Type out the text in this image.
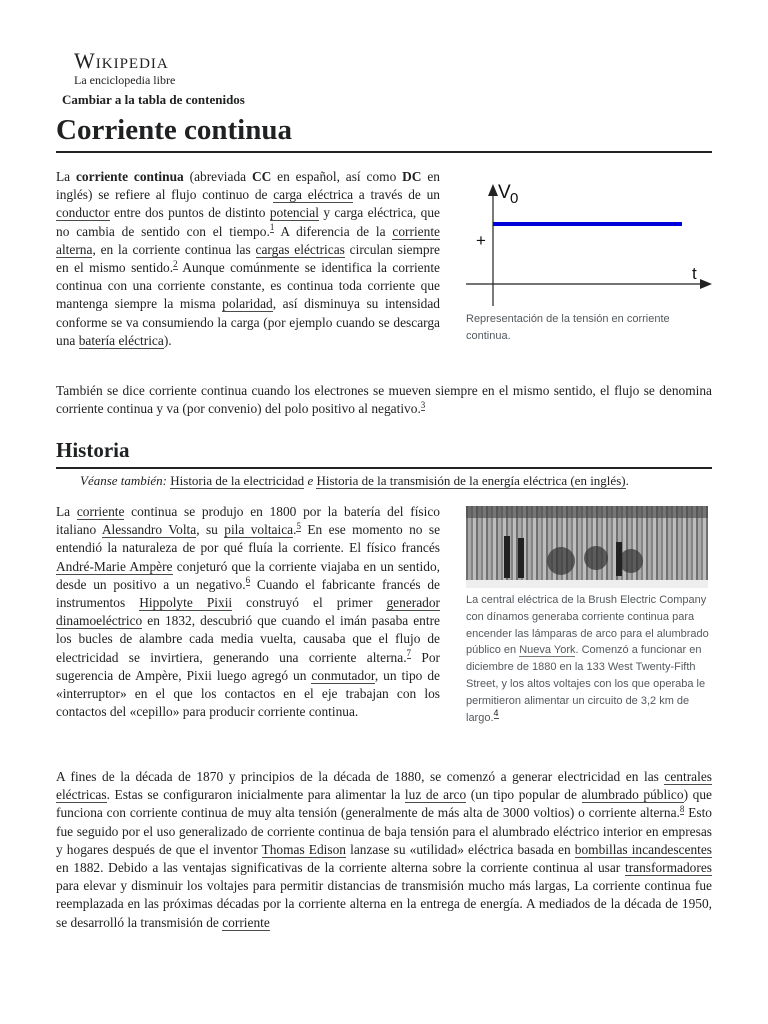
Wikipedia
La enciclopedia libre
Cambiar a la tabla de contenidos
Corriente continua

La corriente continua (abreviada CC en español, así como DC en inglés) se refiere al flujo continuo de carga eléctrica a través de un conductor entre dos puntos de distinto potencial y carga eléctrica, que no cambia de sentido con el tiempo.$^1$ A diferencia de la corriente alterna, en la corriente continua las cargas eléctricas circulan siempre en el mismo sentido.$^2$ Aunque comúnmente se identifica la corriente continua con una corriente constante, es continua toda corriente que mantenga siempre la misma polaridad, así disminuya su intensidad conforme se va consumiendo la carga (por ejemplo cuando se descarga una batería eléctrica).

V 0
+
t

Representación de la tensión en corriente continua.

También se dice corriente continua cuando los electrones se mueven siempre en el mismo sentido, el flujo se denomina corriente continua y va (por convenio) del polo positivo al negativo.$^3$

Historia
Véanse también: Historia de la electricidad e Historia de la transmisión de la energía eléctrica (en inglés).

La corriente continua se produjo en 1800 por la batería del físico italiano Alessandro Volta, su pila voltaica.$^5$ En ese momento no se entendió la naturaleza de por qué fluía la corriente. El físico francés André-Marie Ampère conjeturó que la corriente viajaba en un sentido, desde un positivo a un negativo.$^6$ Cuando el fabricante francés de instrumentos Hippolyte Pixii construyó el primer generador dinamoeléctrico en 1832, descubrió que cuando el imán pasaba entre los bucles de alambre cada media vuelta, causaba que el flujo de electricidad se invirtiera, generando una corriente alterna.$^7$ Por sugerencia de Ampère, Pixii luego agregó un conmutador, un tipo de «interruptor» en el que los contactos en el eje trabajan con los contactos del «cepillo» para producir corriente continua.

La central eléctrica de la Brush Electric Company con dínamos generaba corriente continua para encender las lámparas de arco para el alumbrado público en Nueva York. Comenzó a funcionar en diciembre de 1880 en la 133 West Twenty-Fifth Street, y los altos voltajes con los que operaba le permitieron alimentar un circuito de 3,2 km de largo.$^4$

A fines de la década de 1870 y principios de la década de 1880, se comenzó a generar electricidad en las centrales eléctricas. Estas se configuraron inicialmente para alimentar la luz de arco (un tipo popular de alumbrado público) que funciona con corriente continua de muy alta tensión (generalmente de más alta de 3000 voltios) o corriente alterna.$^8$ Esto fue seguido por el uso generalizado de corriente continua de baja tensión para el alumbrado eléctrico interior en empresas y hogares después de que el inventor Thomas Edison lanzase su «utilidad» eléctrica basada en bombillas incandescentes en 1882. Debido a las ventajas significativas de la corriente alterna sobre la corriente continua al usar transformadores para elevar y disminuir los voltajes para permitir distancias de transmisión mucho más largas, La corriente continua fue reemplazada en las próximas décadas por la corriente alterna en la entrega de energía. A mediados de la década de 1950, se desarrolló la transmisión de corriente
